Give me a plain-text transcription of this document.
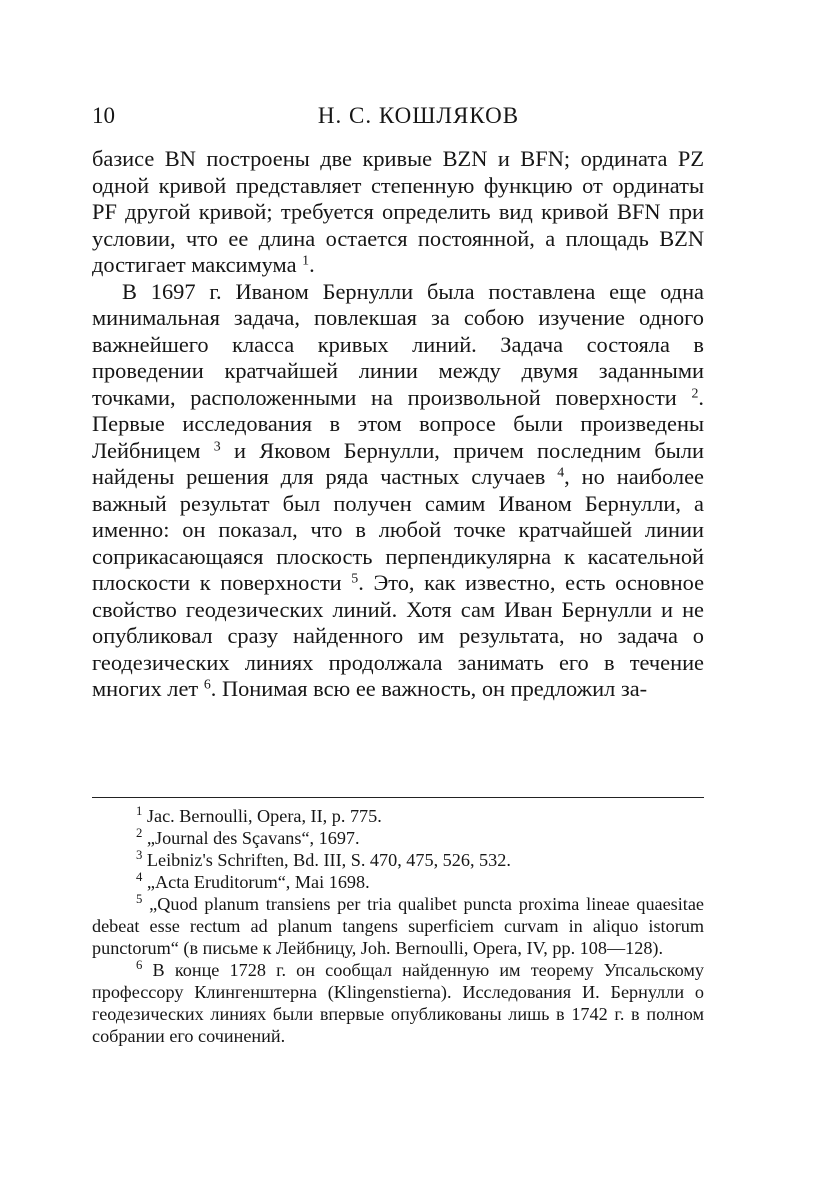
10	Н. С. КОШЛЯКОВ

базисе BN построены две кривые BZN и BFN; ордината PZ одной кривой представляет степенную функцию от ординаты PF другой кривой; требуется определить вид кривой BFN при условии, что ее длина остается постоянной, а площадь BZN достигает максимума $^1$.

В 1697 г. Иваном Бернулли была поставлена еще одна минимальная задача, повлекшая за собою изучение одного важнейшего класса кривых линий. Задача состояла в проведении кратчайшей линии между двумя заданными точками, расположенными на произвольной поверхности $^2$. Первые исследования в этом вопросе были произведены Лейбницем $^3$ и Яковом Бернулли, причем последним были найдены решения для ряда частных случаев $^4$, но наиболее важный результат был получен самим Иваном Бернулли, а именно: он показал, что в любой точке кратчайшей линии соприкасающаяся плоскость перпендикулярна к касательной плоскости к поверхности $^5$. Это, как известно, есть основное свойство геодезических линий. Хотя сам Иван Бернулли и не опубликовал сразу найденного им результата, но задача о геодезических линиях продолжала занимать его в течение многих лет $^6$. Понимая всю ее важность, он предложил за-

$^1$ Jac. Bernoulli, Opera, II, p. 775.

$^2$ „Journal des Sçavans“, 1697.

$^3$ Leibniz's Schriften, Bd. III, S. 470, 475, 526, 532.

$^4$ „Acta Eruditorum“, Mai 1698.

$^5$ „Quod planum transiens per tria qualibet puncta proxima lineae quaesitae debeat esse rectum ad planum tangens superficiem curvam in aliquo istorum punctorum“ (в письме к Лейбницу, Joh. Bernoulli, Opera, IV, pp. 108—128).

$^6$ В конце 1728 г. он сообщал найденную им теорему Упсальскому профессору Клингенштерна (Klingenstierna). Исследования И. Бернулли о геодезических линиях были впервые опубликованы лишь в 1742 г. в полном собрании его сочинений.
